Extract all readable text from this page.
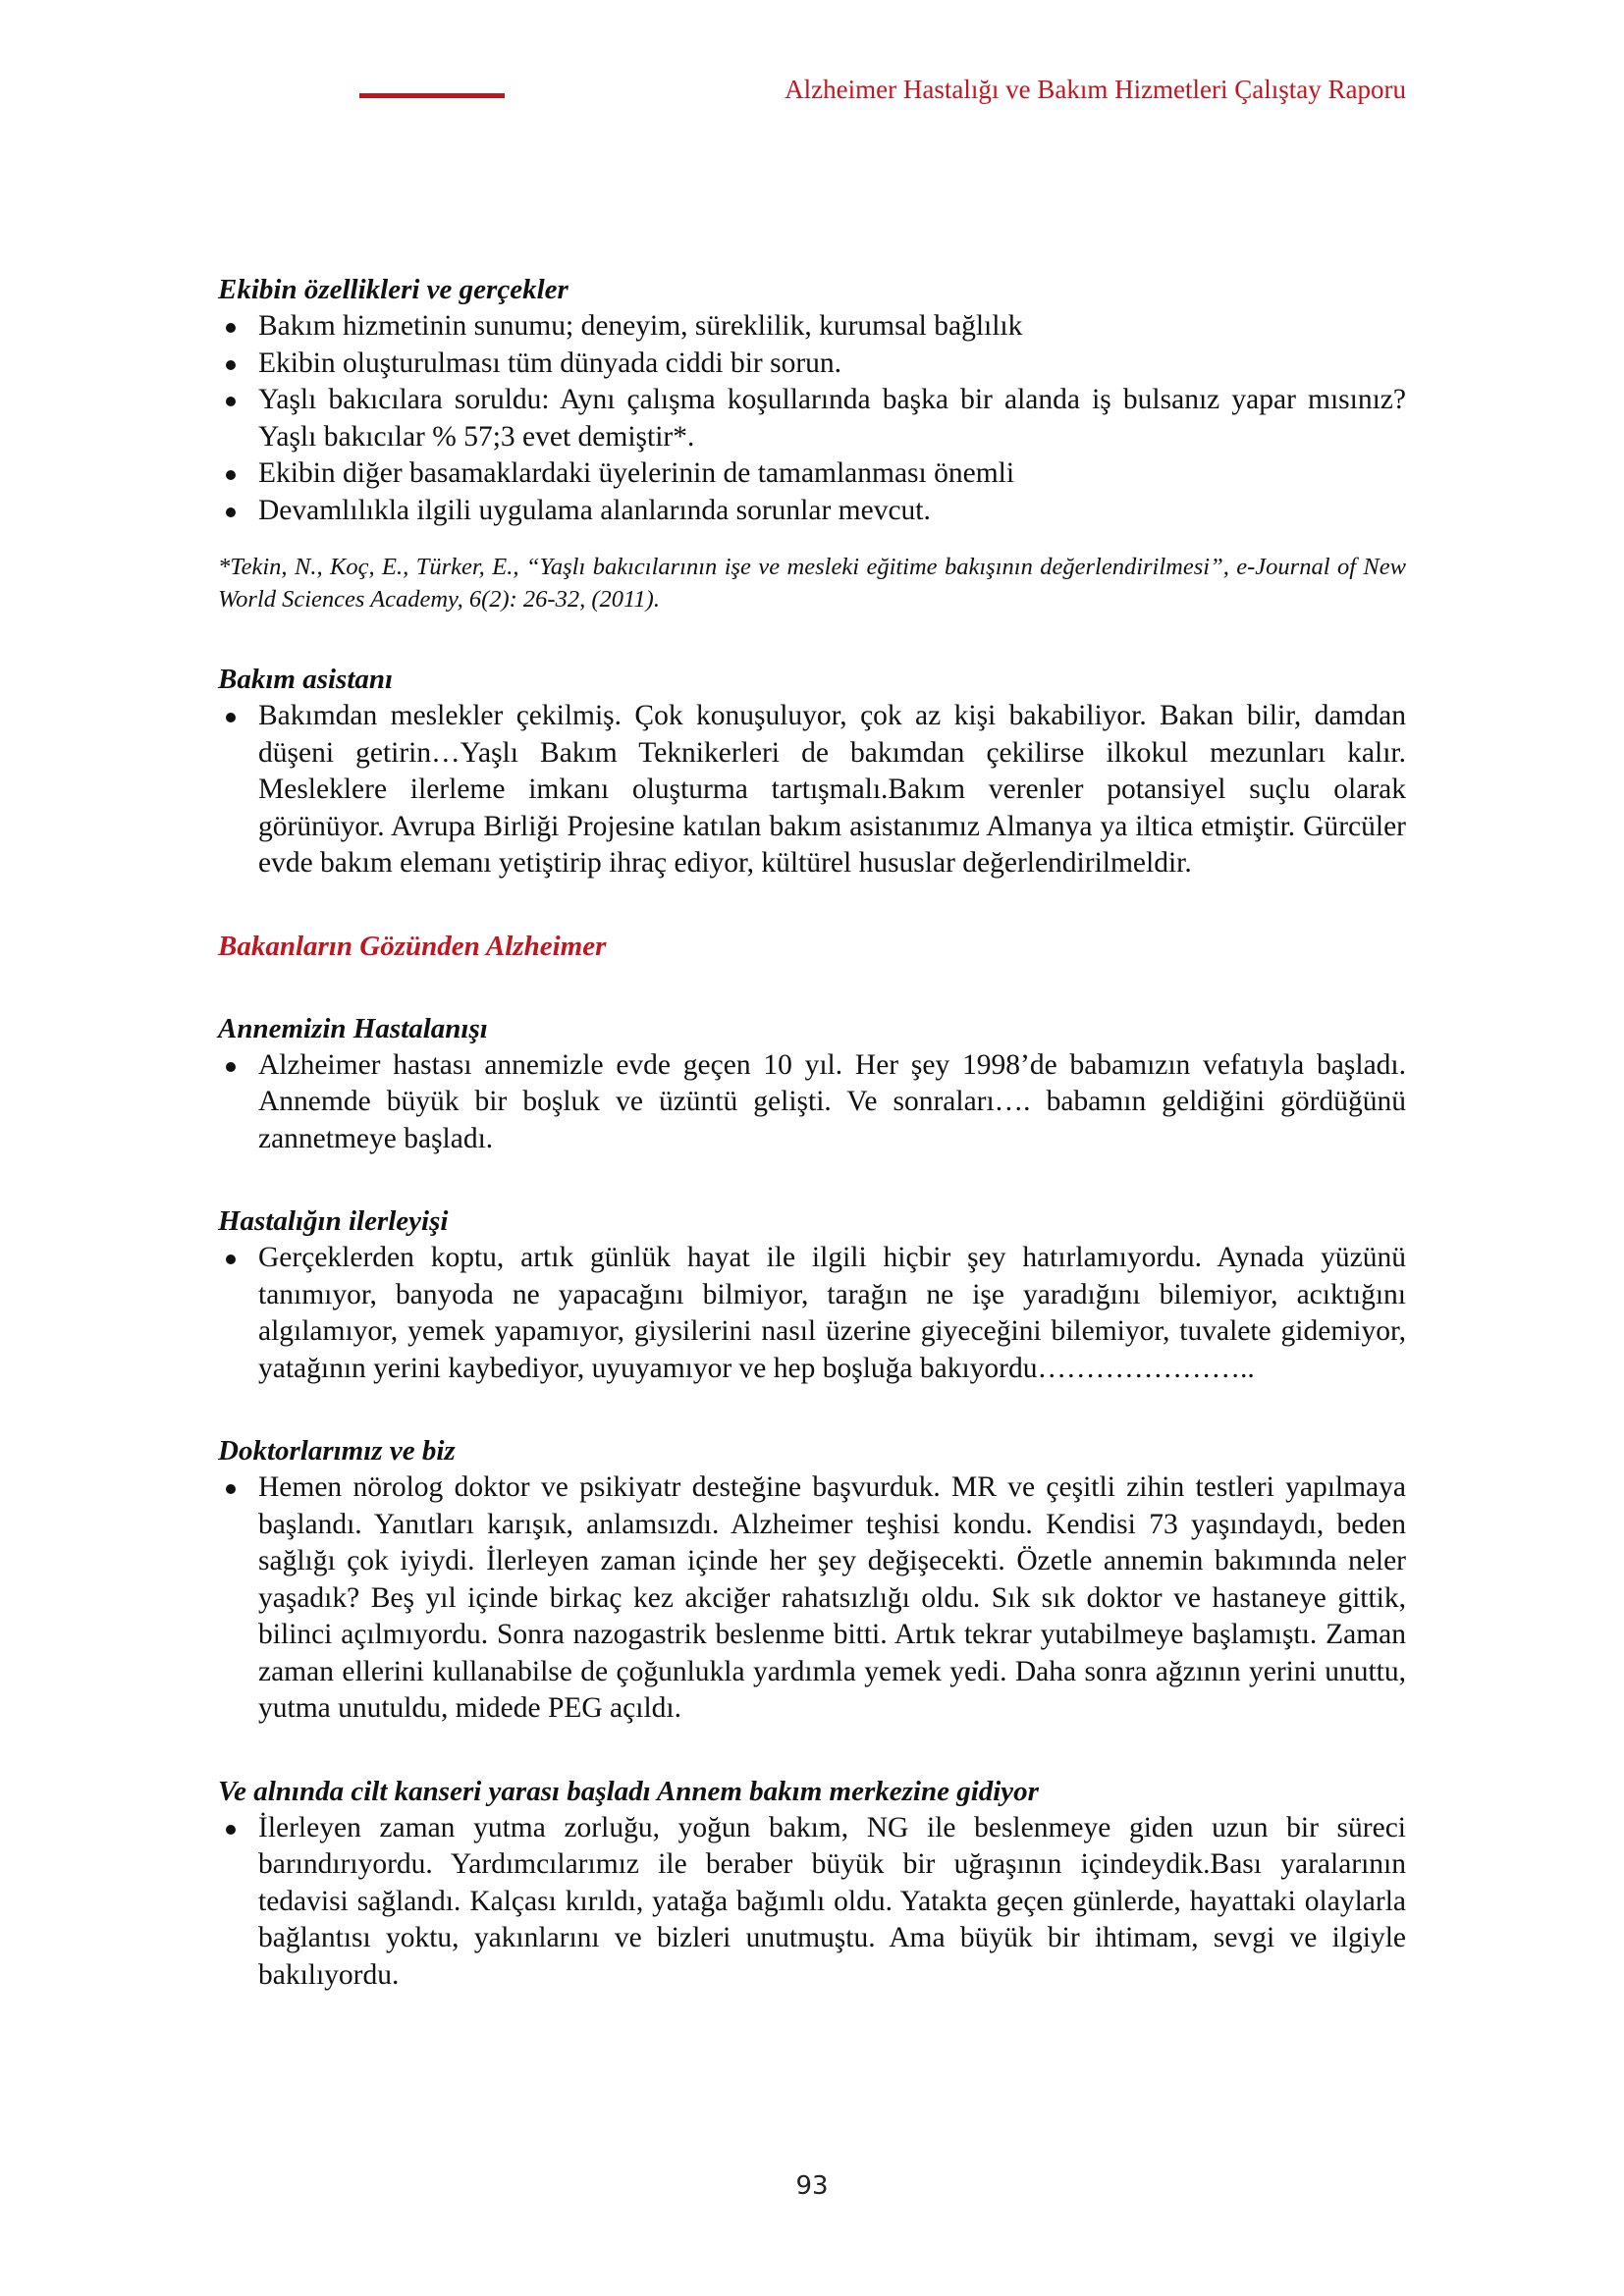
Alzheimer Hastalığı ve Bakım Hizmetleri Çalıştay Raporu

Ekibin özellikleri ve gerçekler

Bakım hizmetinin sunumu; deneyim, süreklilik, kurumsal bağlılık
Ekibin oluşturulması tüm dünyada ciddi bir sorun.
Yaşlı bakıcılara soruldu: Aynı çalışma koşullarında başka bir alanda iş bulsanız yapar mısınız? Yaşlı bakıcılar % 57;3 evet demiştir*.
Ekibin diğer basamaklardaki üyelerinin de tamamlanması önemli
Devamlılıkla ilgili uygulama alanlarında sorunlar mevcut.

*Tekin, N., Koç, E., Türker, E., “Yaşlı bakıcılarının işe ve mesleki eğitime bakışının değerlendirilmesi”, e-Journal of New World Sciences Academy, 6(2): 26-32, (2011).

Bakım asistanı

Bakımdan meslekler çekilmiş. Çok konuşuluyor, çok az kişi bakabiliyor. Bakan bilir, damdan düşeni getirin…Yaşlı Bakım Teknikerleri de bakımdan çekilirse ilkokul mezunları kalır. Mesleklere ilerleme imkanı oluşturma tartışmalı.Bakım verenler potansiyel suçlu olarak görünüyor. Avrupa Birliği Projesine katılan bakım asistanımız Almanya ya iltica etmiştir. Gürcüler evde bakım elemanı yetiştirip ihraç ediyor, kültürel hususlar değerlendirilmeldir.

Bakanların Gözünden Alzheimer

Annemizin Hastalanışı

Alzheimer hastası annemizle evde geçen 10 yıl. Her şey 1998’de babamızın vefatıyla başladı. Annemde büyük bir boşluk ve üzüntü gelişti. Ve sonraları…. babamın geldiğini gördüğünü zannetmeye başladı.

Hastalığın ilerleyişi

Gerçeklerden koptu, artık günlük hayat ile ilgili hiçbir şey hatırlamıyordu. Aynada yüzünü tanımıyor, banyoda ne yapacağını bilmiyor, tarağın ne işe yaradığını bilemiyor, acıktığını algılamıyor, yemek yapamıyor, giysilerini nasıl üzerine giyeceğini bilemiyor, tuvalete gidemiyor, yatağının yerini kaybediyor, uyuyamıyor ve hep boşluğa bakıyordu…………………..

Doktorlarımız ve biz

Hemen nörolog doktor ve psikiyatr desteğine başvurduk. MR ve çeşitli zihin testleri yapılmaya başlandı. Yanıtları karışık, anlamsızdı. Alzheimer teşhisi kondu. Kendisi 73 yaşındaydı, beden sağlığı çok iyiydi. İlerleyen zaman içinde her şey değişecekti. Özetle annemin bakımında neler yaşadık? Beş yıl içinde birkaç kez akciğer rahatsızlığı oldu. Sık sık doktor ve hastaneye gittik, bilinci açılmıyordu. Sonra nazogastrik beslenme bitti. Artık tekrar yutabilmeye başlamıştı. Zaman zaman ellerini kullanabilse de çoğunlukla yardımla yemek yedi. Daha sonra ağzının yerini unuttu, yutma unutuldu, midede PEG açıldı.

Ve alnında cilt kanseri yarası başladı Annem bakım merkezine gidiyor

İlerleyen zaman yutma zorluğu, yoğun bakım, NG ile beslenmeye giden uzun bir süreci barındırıyordu. Yardımcılarımız ile beraber büyük bir uğraşının içindeydik.Bası yaralarının tedavisi sağlandı. Kalçası kırıldı, yatağa bağımlı oldu. Yatakta geçen günlerde, hayattaki olaylarla bağlantısı yoktu, yakınlarını ve bizleri unutmuştu. Ama büyük bir ihtimam, sevgi ve ilgiyle bakılıyordu.
93
